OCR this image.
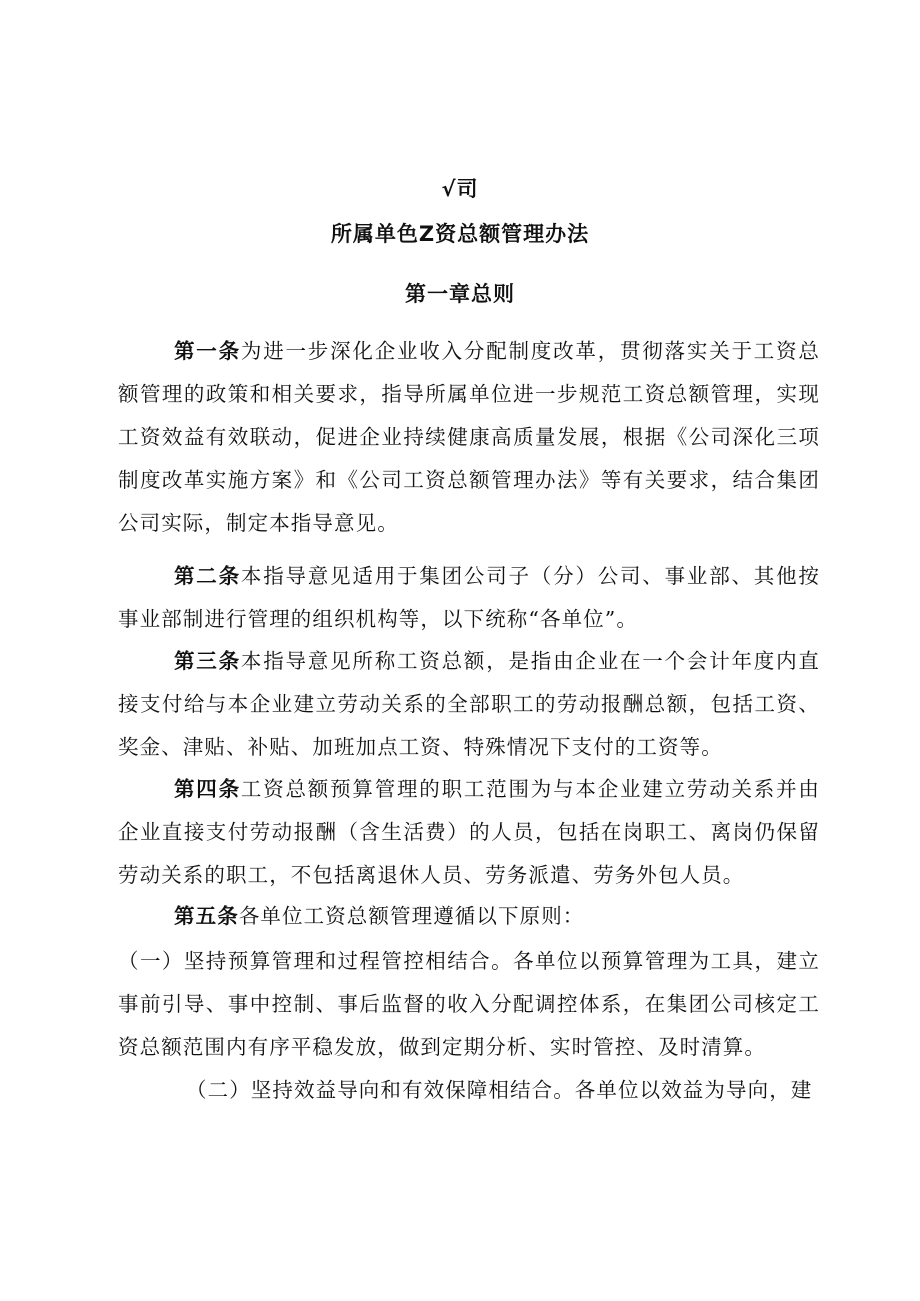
√司
所属单色Z资总额管理办法
第一章总则
第一条为进一步深化企业收入分配制度改革，贯彻落实关于工资总额管理的政策和相关要求，指导所属单位进一步规范工资总额管理，实现工资效益有效联动，促进企业持续健康高质量发展，根据《公司深化三项制度改革实施方案》和《公司工资总额管理办法》等有关要求，结合集团公司实际，制定本指导意见。
第二条本指导意见适用于集团公司子（分）公司、事业部、其他按事业部制进行管理的组织机构等，以下统称“各单位”。
第三条本指导意见所称工资总额，是指由企业在一个会计年度内直接支付给与本企业建立劳动关系的全部职工的劳动报酬总额，包括工资、奖金、津贴、补贴、加班加点工资、特殊情况下支付的工资等。
第四条工资总额预算管理的职工范围为与本企业建立劳动关系并由企业直接支付劳动报酬（含生活费）的人员，包括在岗职工、离岗仍保留劳动关系的职工，不包括离退休人员、劳务派遣、劳务外包人员。
第五条各单位工资总额管理遵循以下原则：
（一）坚持预算管理和过程管控相结合。各单位以预算管理为工具，建立事前引导、事中控制、事后监督的收入分配调控体系，在集团公司核定工资总额范围内有序平稳发放，做到定期分析、实时管控、及时清算。
（二）坚持效益导向和有效保障相结合。各单位以效益为导向，建
